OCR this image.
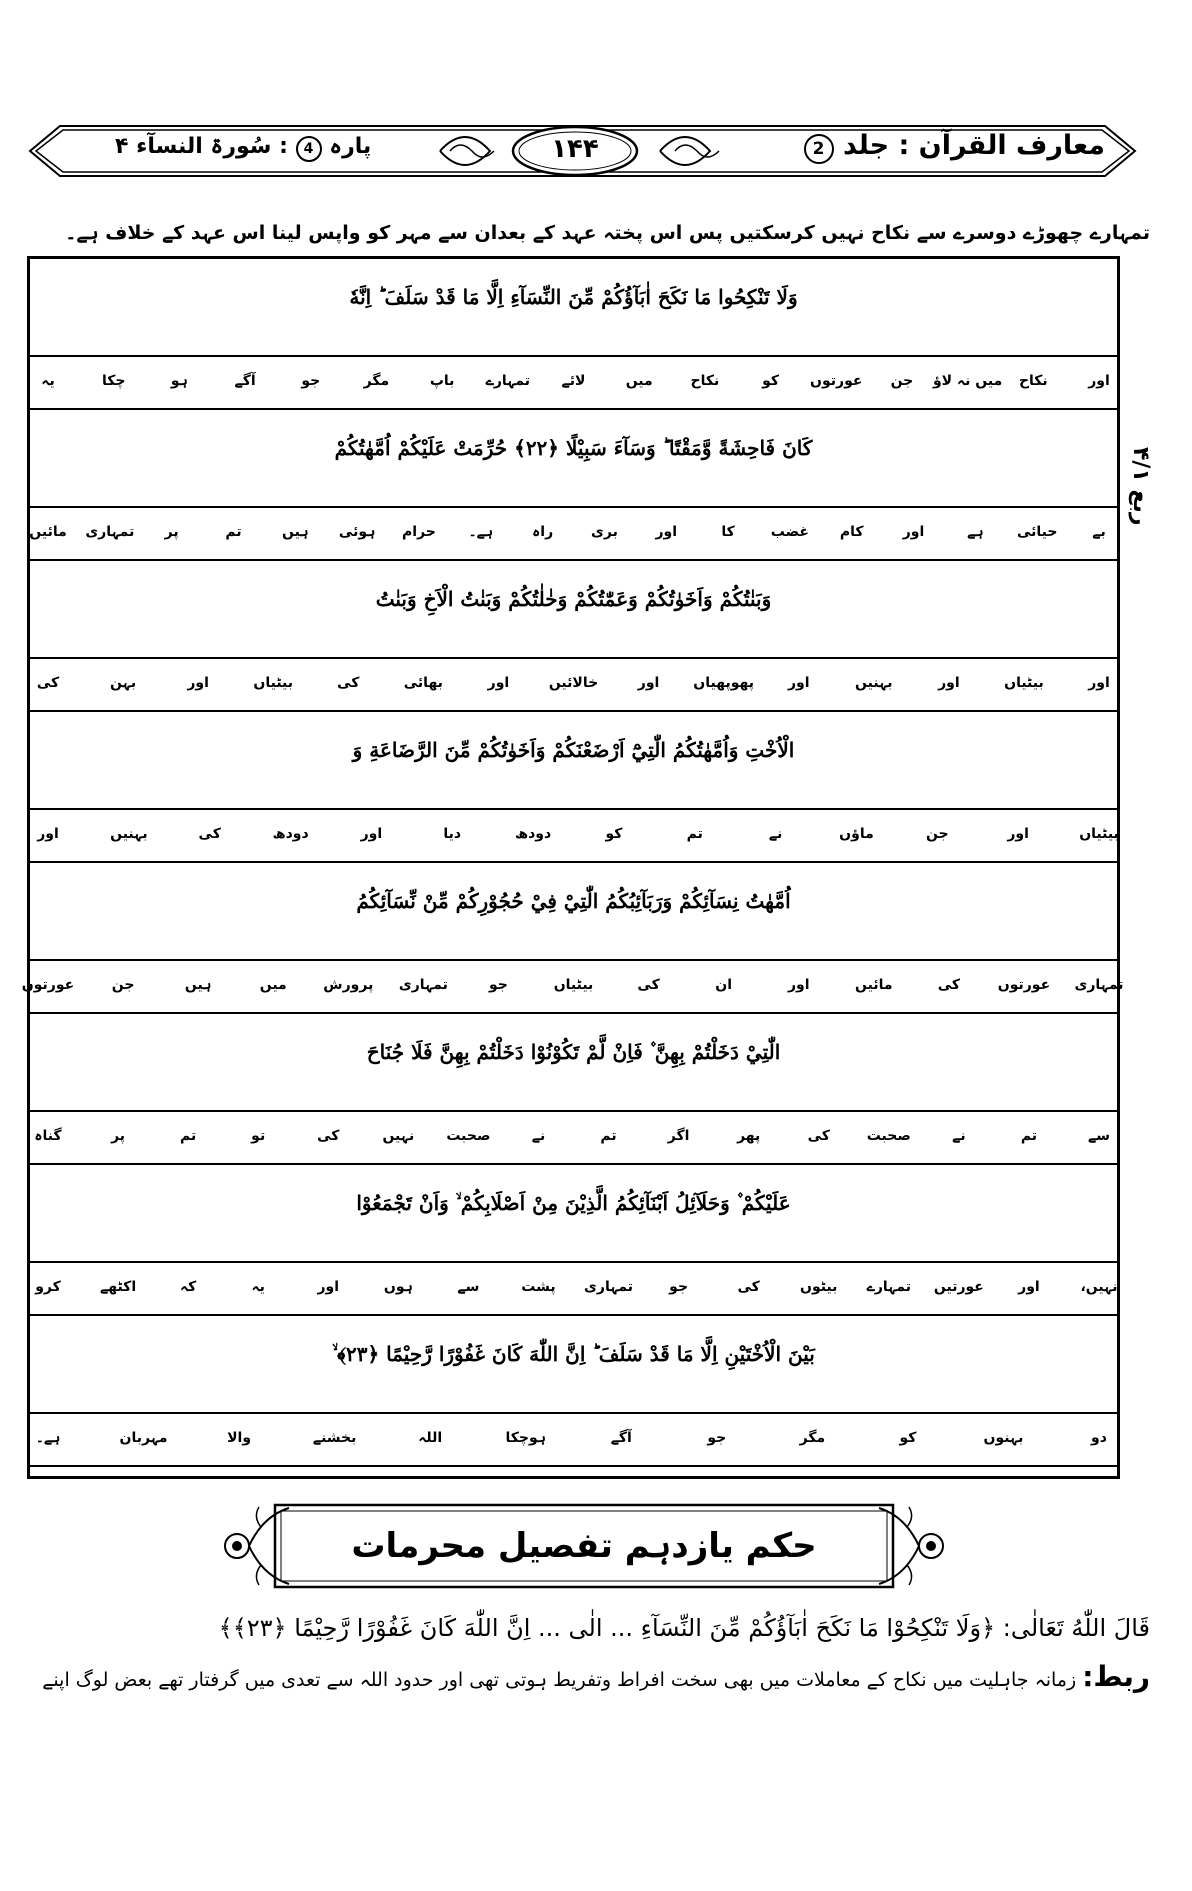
معارف القرآن : جلد 2
۱۴۴
پارہ 4 : سُورۃ النسآء ۴
تمہارے چھوڑے دوسرے سے نکاح نہیں کرسکتیں پس اس پختہ عہد کے بعدان سے مہر کو واپس لینا اس عہد کے خلاف ہے۔
ربع ۴/۱
وَلَا تَنْكِحُوا مَا نَكَحَ اٰبَآؤُكُمْ مِّنَ النِّسَآءِ اِلَّا مَا قَدْ سَلَفَ ؕ اِنَّهٗ
اور
نکاح
میں نہ لاؤ
جن
عورتوں
کو
نکاح
میں
لائے
تمہارے
باپ
مگر
جو
آگے
ہو
چکا
یہ
كَانَ فَاحِشَةً وَّمَقْتًا ؕ وَسَآءَ سَبِيْلًا ﴿۲۲﴾ حُرِّمَتْ عَلَيْكُمْ اُمَّهٰتُكُمْ
بے
حیائی
ہے
اور
کام
غضب
کا
اور
بری
راہ
ہے۔
حرام
ہوئی
ہیں
تم
پر
تمہاری
مائیں
وَبَنٰتُكُمْ وَاَخَوٰتُكُمْ وَعَمّٰتُكُمْ وَخٰلٰتُكُمْ وَبَنٰتُ الْاَخِ وَبَنٰتُ
اور
بیٹیاں
اور
بہنیں
اور
پھوپھیاں
اور
خالائیں
اور
بھائی
کی
بیٹیاں
اور
بہن
کی
الْاُخْتِ وَاُمَّهٰتُكُمُ الّٰتِيْٓ اَرْضَعْنَكُمْ وَاَخَوٰتُكُمْ مِّنَ الرَّضَاعَةِ وَ
بیٹیاں
اور
جن
ماؤں
نے
تم
کو
دودھ
دیا
اور
دودھ
کی
بہنیں
اور
اُمَّهٰتُ نِسَآئِكُمْ وَرَبَآئِبُكُمُ الّٰتِيْ فِيْ حُجُوْرِكُمْ مِّنْ نِّسَآئِكُمُ
تمہاری
عورتوں
کی
مائیں
اور
ان
کی
بیٹیاں
جو
تمہاری
پرورش
میں
ہیں
جن
عورتوں
الّٰتِيْ دَخَلْتُمْ بِهِنَّ ۫ فَاِنْ لَّمْ تَكُوْنُوْا دَخَلْتُمْ بِهِنَّ فَلَا جُنَاحَ
سے
تم
نے
صحبت
کی
پھر
اگر
تم
نے
صحبت
نہیں
کی
تو
تم
پر
گناہ
عَلَيْكُمْ ۫ وَحَلَآئِلُ اَبْنَآئِكُمُ الَّذِيْنَ مِنْ اَصْلَابِكُمْ ۙ وَاَنْ تَجْمَعُوْا
نہیں،
اور
عورتیں
تمہارے
بیٹوں
کی
جو
تمہاری
پشت
سے
ہوں
اور
یہ
کہ
اکٹھے
کرو
بَيْنَ الْاُخْتَيْنِ اِلَّا مَا قَدْ سَلَفَ ؕ اِنَّ اللّٰهَ كَانَ غَفُوْرًا رَّحِيْمًا ﴿۲۳﴾ ۙ
دو
بہنوں
کو
مگر
جو
آگے
ہوچکا
اللہ
بخشنے
والا
مہربان
ہے۔
حکم یازدہم تفصیل محرمات
قَالَ اللّٰهُ تَعَالٰی: ﴿وَلَا تَنْكِحُوْا مَا نَكَحَ اٰبَآؤُكُمْ مِّنَ النِّسَآءِ ... الٰی ... اِنَّ اللّٰهَ كَانَ غَفُوْرًا رَّحِيْمًا ﴿۲۳﴾﴾
ربط: زمانہ جاہلیت میں نکاح کے معاملات میں بھی سخت افراط وتفریط ہوتی تھی اور حدود اللہ سے تعدی میں گرفتار تھے بعض لوگ اپنے
